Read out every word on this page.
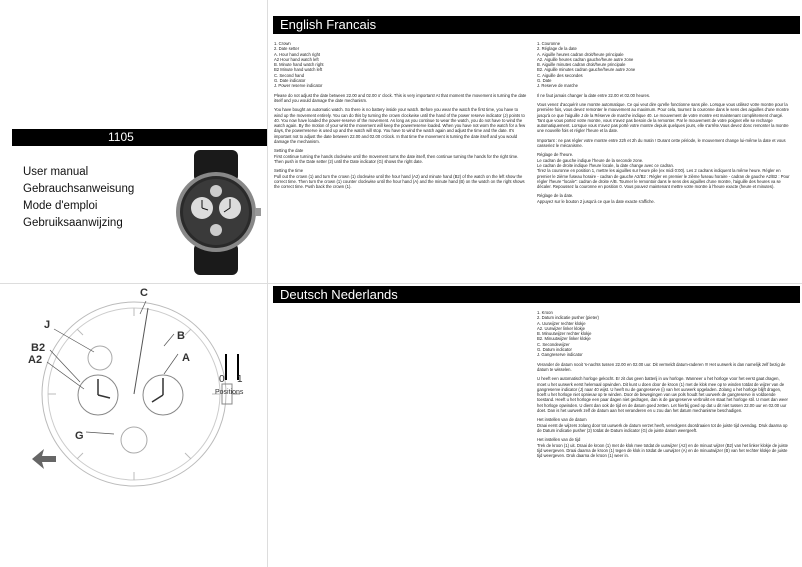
English Francais
1105
User manual
Gebrauchsanweisung
Mode d'emploi
Gebruiksaanwijzing

1. Crown
2. Date setter
A. Hour hand watch right
A2 Hour hand watch left
B. Minute hand watch right
B2 Minute hand watch left
C. Second hand
G. Date indicator
J. Power reserve indicator

Please do not adjust the date between 22.00 and 02.00 o' clock. This is very important! At that moment the movement is turning the date itself and you would damage the date mechanism.

You have bought an automatic watch. So there is no battery inside your watch. Before you wear the watch the first time, you have to wind up the movement entirely. You can do this by turning the crown clockwise until the hand of the power reserve indicator (J) points to 40. You now have loaded the power-reserve of the movement. As long as you continue to wear the watch, you do not have to wind the watch again. By the motion of your wrist the movement will keep the powerreserve loaded. When you have not worn the watch for a few days, the powerreserve is used up and the watch will stop. You have to wind the watch again and adjust the time and the date. It's important not to adjust the date between 22.00 and 02.00 o'clock. In that time the movement is turning the date itself and you would damage the mechanism.

Setting the date
First continue turning the hands clockwise until the movement turns the date itself, then continue turning the hands for the right time. Then push in the Date setter (2) until the Date indicator (G) shows the right date.

Setting the time
Pull out the crown (1) and turn the crown (1) clockwise until the hour hand (A2) and minute hand (B2) of the watch on the left show the correct time. Then turn the crown (1) counter clockwise until the hour hand (A) and the minute hand (B) on the watch on the right shows the correct time. Push back the crown (1).

1. Couronne
2. Réglage de la date
A. Aiguille heures cadran droit/heure principale
A2. Aiguille heures cadran gauche/heure autre zone
B. Aiguille minutes cadran droit/heure principale
B2. Aiguille minutes cadran gauche/heure autre zone
C. Aiguille des secondes
G. Date
J. Reserve de marche

Il ne faut jamais changer la date entre 22.00 et 02.00 heures.

Vous venez d'acquérir une montre automatique. Ce qui veut dire qu'elle fonctionne sans pile. Lorsque vous utilisez votre montre pour la première fois, vous devez remonter le mouvement au maximum. Pour cela, tournez la couronne dans le sens des aiguilles d'une montre jusqu'à ce que l'aiguille J de la Réserve de marche indique 40. Le mouvement de votre montre est maintenant complètement chargé. Tant que vous portez votre montre, vous n'avez pas besoin de la remonter. Par le mouvement de votre poignet elle se recharge automatiquement. Lorsque vous n'avez pas porté votre montre depuis quelques jours, elle s'arrête.Vous devez donc remonter la montre une nouvelle fois et régler l'heure et la date.

Important : ne pas régler votre montre entre 22h et 2h du matin ! Durant cette période, le mouvement change lui-même la date et vous casseriez le mécanisme.

Réglage de l'heure.
Le cadran de gauche indique l'heure de la seconde zone.
Le cadran de droite indique l'heure locale, la date change avec ce cadran.
Tirez la couronne en position 1, mettre les aiguilles sur heure pile (ex midi 0:00). Les 2 cadrans indiquent la même heure. Régler en premier le 2ième fuseau horaire - cadran de gauche A2/B2 : Régler en premier le 2ième fuseau horaire - cadran de gauche A2/B2 : Pour régler l'heure "locale": cadran de droite A/B. Tourner le remontoir dans le sens des aiguilles d'une montre, l'aiguille des heures va se décaler. Repoussez la couronne en position 0. Vous pouvez maintenant mettre votre montre à l'heure exacte (heure et minutes).

Réglage de la date.
Appuyez sur le bouton 2 jusqu'à ce que la date exacte s'affiche.

Deutsch Nederlands
0 1
Positions
C
J
B
B2
A
A2
G

1. Kroon
2. Datum indicatie pusher (pieter)
A. Uurwijzer rechter klokje
A2. Uurwijzer linker klokje
B. Minuutwijzer rechter klokje
B2. Minuutwijzer linker klokje
C. Secondewijzer
G. Datum indicator
J. Gangreserve indicator

Verander de datum nooit 's-nachts tussen 22.00 en 02.00 uur. Dit vermeldt datum-raderen !!! Het uurwerk is dan namelijk zelf bezig de datum te wisselen.

U heeft een automatisch horloge gekocht. Er zit dus geen batterij in uw horloge. Wanneer u het horloge voor het eerst gaat dragen, moet u het uurwerk eerst helemaal opwinden. Dit kunt u doen door de kroon (1) met de klok mee op te winden totdat de wijzer van de gangreserve indicator (J) naar 40 wijst. U heeft nu de gangreserve (i) van het uurwerk opgeladen. Zolang u het horloge blijft dragen, hoeft u het horloge niet opnieuw op te winden. Door de bewegingen van uw pols houdt het uurwerk de gangreserve in voldoende toestand. Heeft u het horloge een paar dagen niet gedragen, dan is de gangreserve verbruikt en staat het horloge stil. U moet dan weer het horloge opwinden. U dient dan ook de tijd en de datum goed zetten. Let hierbij goed op dat u dit niet tussen 22.00 uur en 02.00 uur doet. Dan is het uurwerk zelf de datum aan het veranderen en u zou dan het datum mechanisme beschadigen.

Het instellen van de datum
Draai eerst de wijzers zolang door tot uurwerk de datum verzet heeft, vervolgens doordraaien tot de juiste tijd ovendag. Druk daarna op de Datum indicatie pusher (2) totdat de Datum indicator (G) de juiste datum weergeeft.

Het instellen van de tijd
Trek de kroon (1) uit. Draai de kroon (1) met de klok mee totdat de uurwijzer (A2) en de minuut wijzer (B2) van het linker klokje de juiste tijd weergeven. Draai daarna de kroon (1) tegen de klok in totdat de uurwijzer (A) en de minuutwijzer (B) van het rechter klokje de juiste tijd weergeven. Druk daarna de kroon (1) weer in.
